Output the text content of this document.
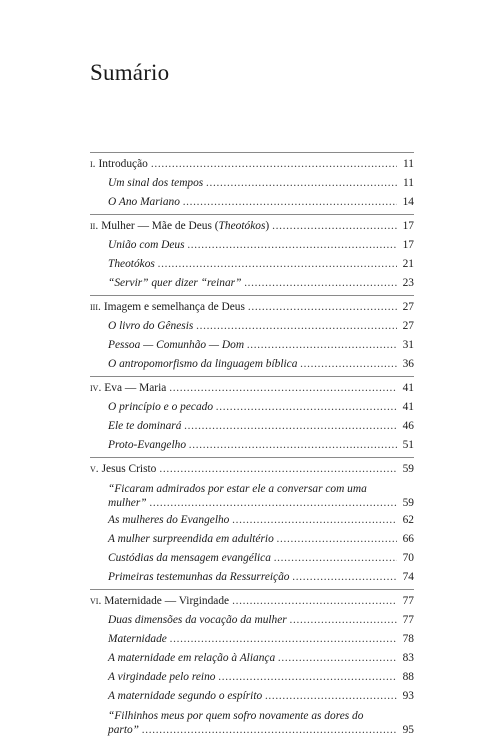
Sumário
i. Introdução . . .	11
Um sinal dos tempos . . .	11
O Ano Mariano . . .	14
ii. Mulher — Mãe de Deus (Theotókos) . . .	17
União com Deus . . .	17
Theotókos . . .	21
“Servir” quer dizer “reinar” . . .	23
iii. Imagem e semelhança de Deus . . .	27
O livro do Gênesis . . .	27
Pessoa — Comunhão — Dom . . .	31
O antropomorfismo da linguagem bíblica . . .	36
iv. Eva — Maria . . .	41
O princípio e o pecado . . .	41
Ele te dominará . . .	46
Proto-Evangelho . . .	51
v. Jesus Cristo . . .	59
“Ficaram admirados por estar ele a conversar com uma
mulher” . . .	59
As mulheres do Evangelho . . .	62
A mulher surpreendida em adultério . . .	66
Custódias da mensagem evangélica . . .	70
Primeiras testemunhas da Ressurreição . . .	74
vi. Maternidade — Virgindade . . .	77
Duas dimensões da vocação da mulher . . .	77
Maternidade . . .	78
A maternidade em relação à Aliança . . .	83
A virgindade pelo reino . . .	88
A maternidade segundo o espírito . . .	93
“Filhinhos meus por quem sofro novamente as dores do
parto” . . .	95
